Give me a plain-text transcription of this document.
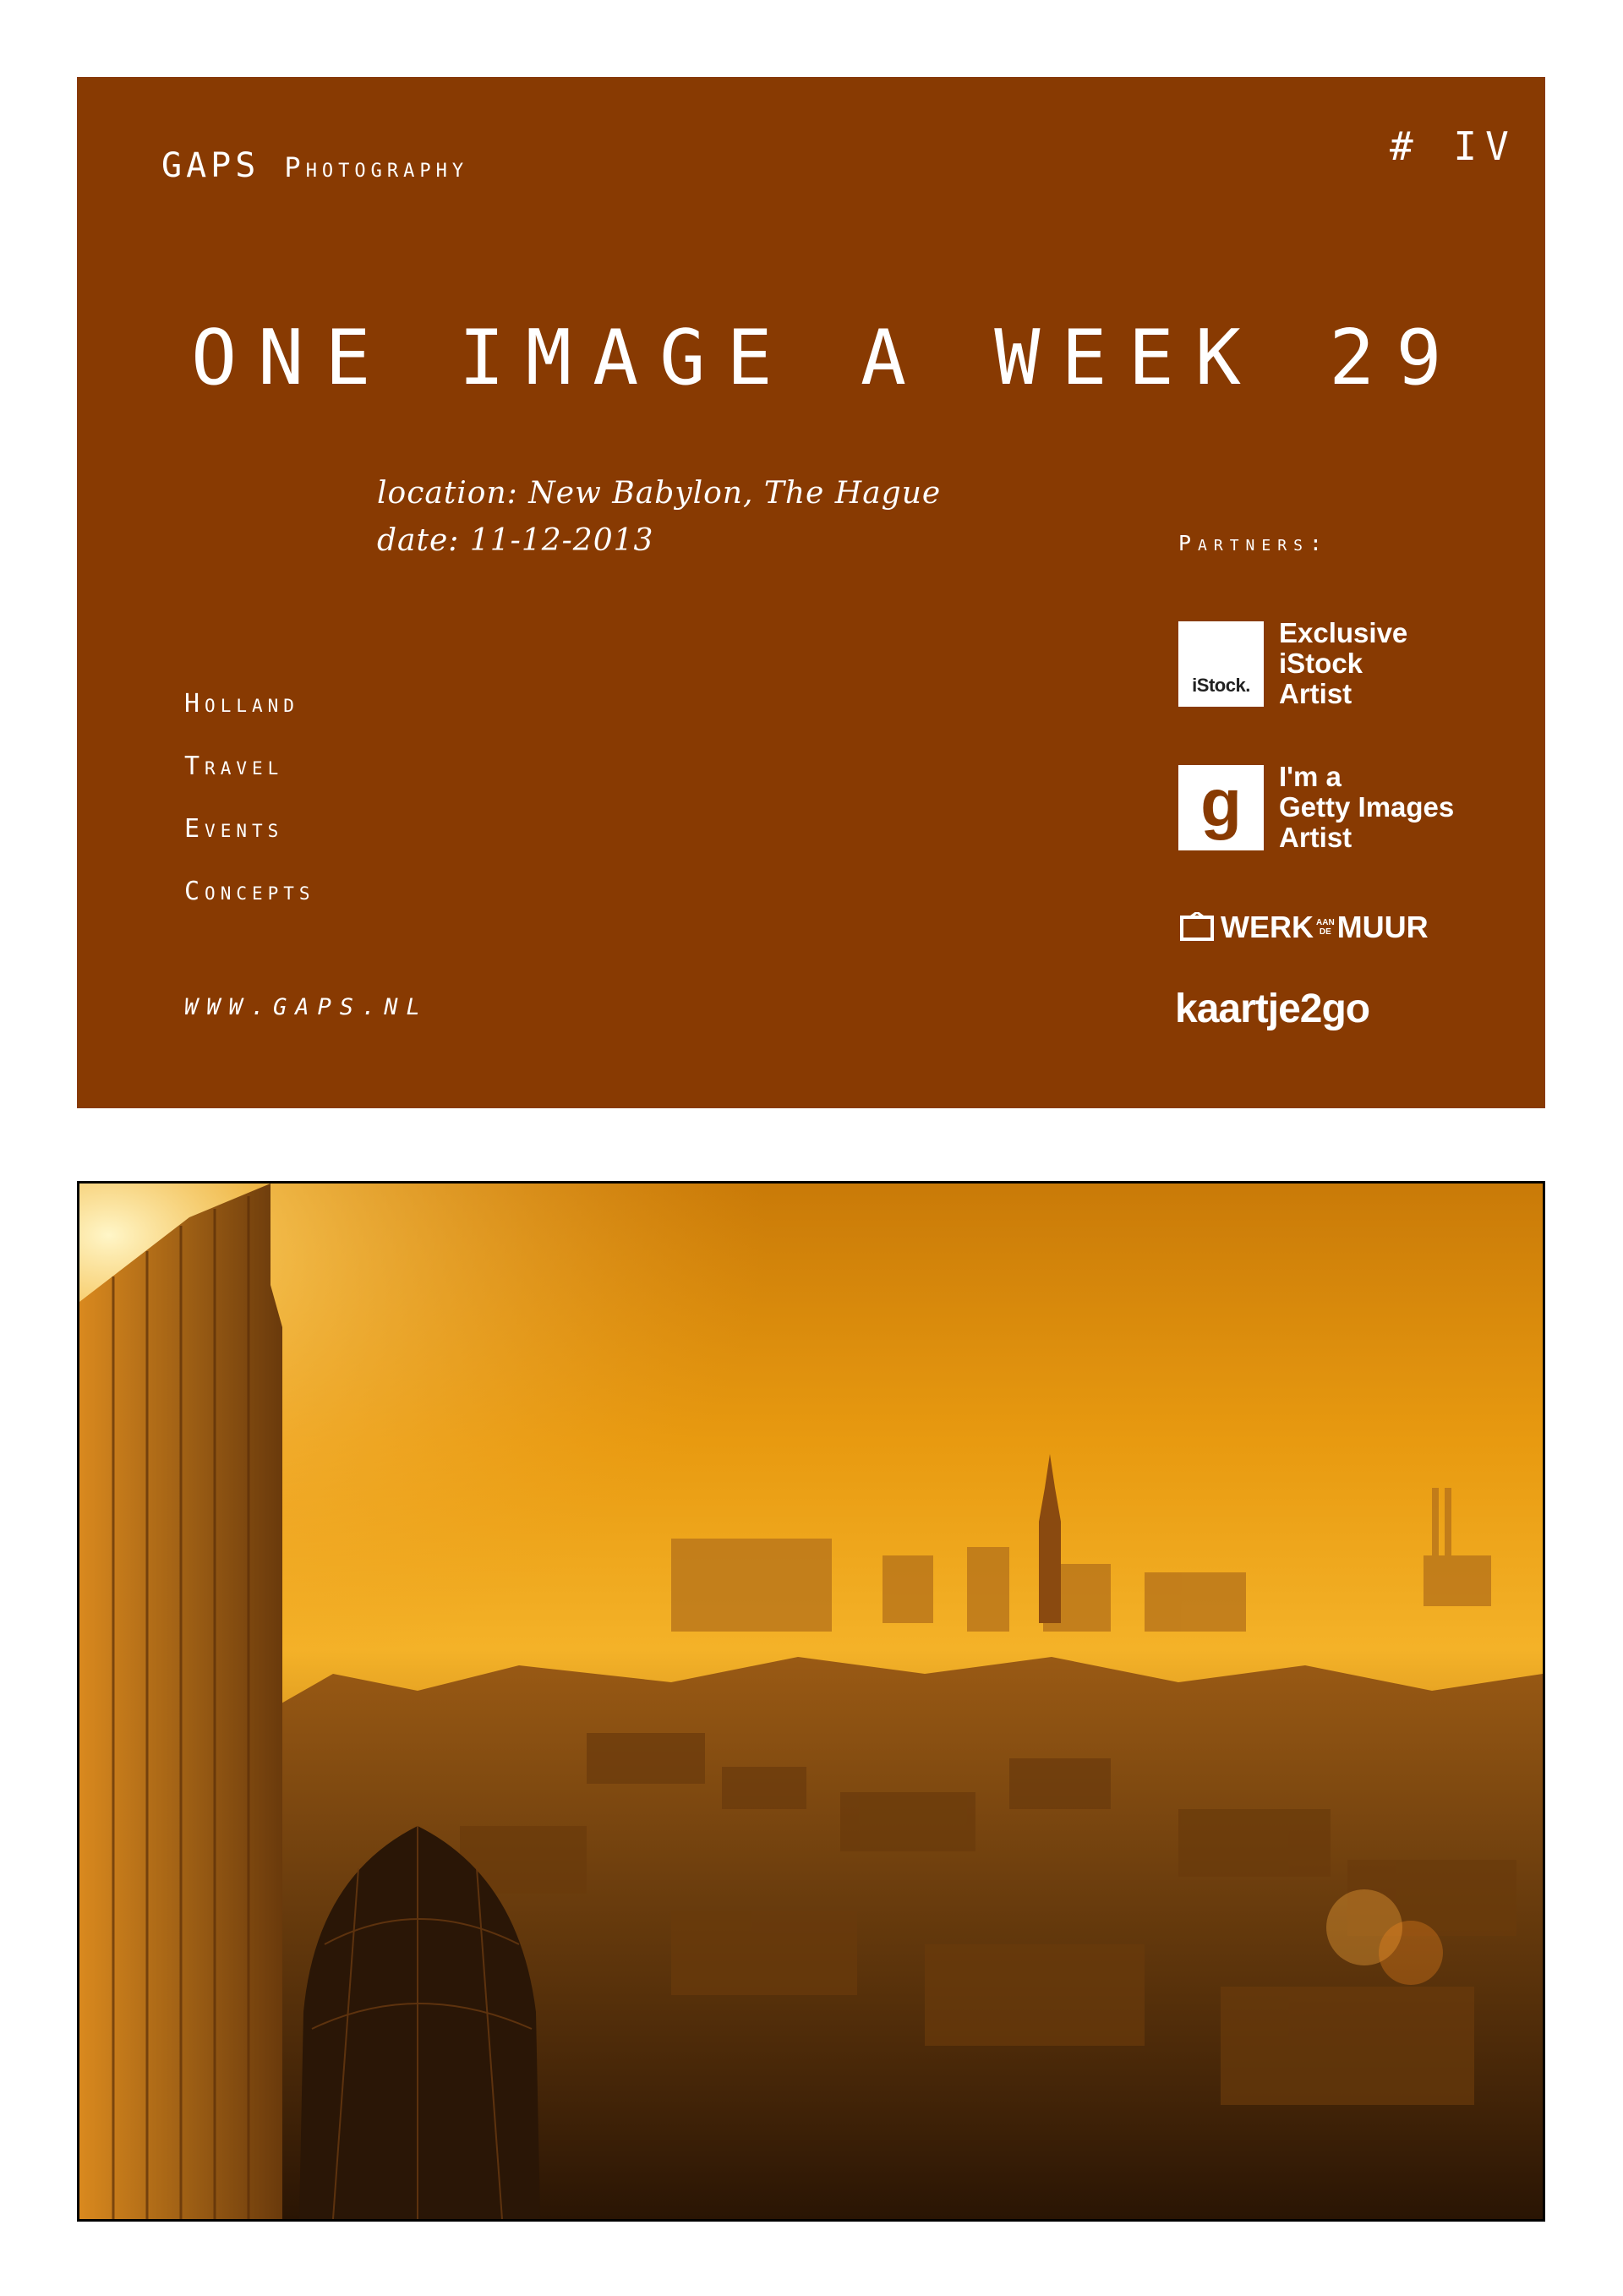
GAPS Photography	# IV
ONE IMAGE A WEEK 29
location: New Babylon, The Hague
date: 11-12-2013
Holland
Travel
Events
Concepts
WWW.GAPS.NL
Partners:
iStock.
Exclusive
iStock
Artist
g I'm a
Getty Images
Artist
WERK AAN
DE MUUR
kaartje2go
